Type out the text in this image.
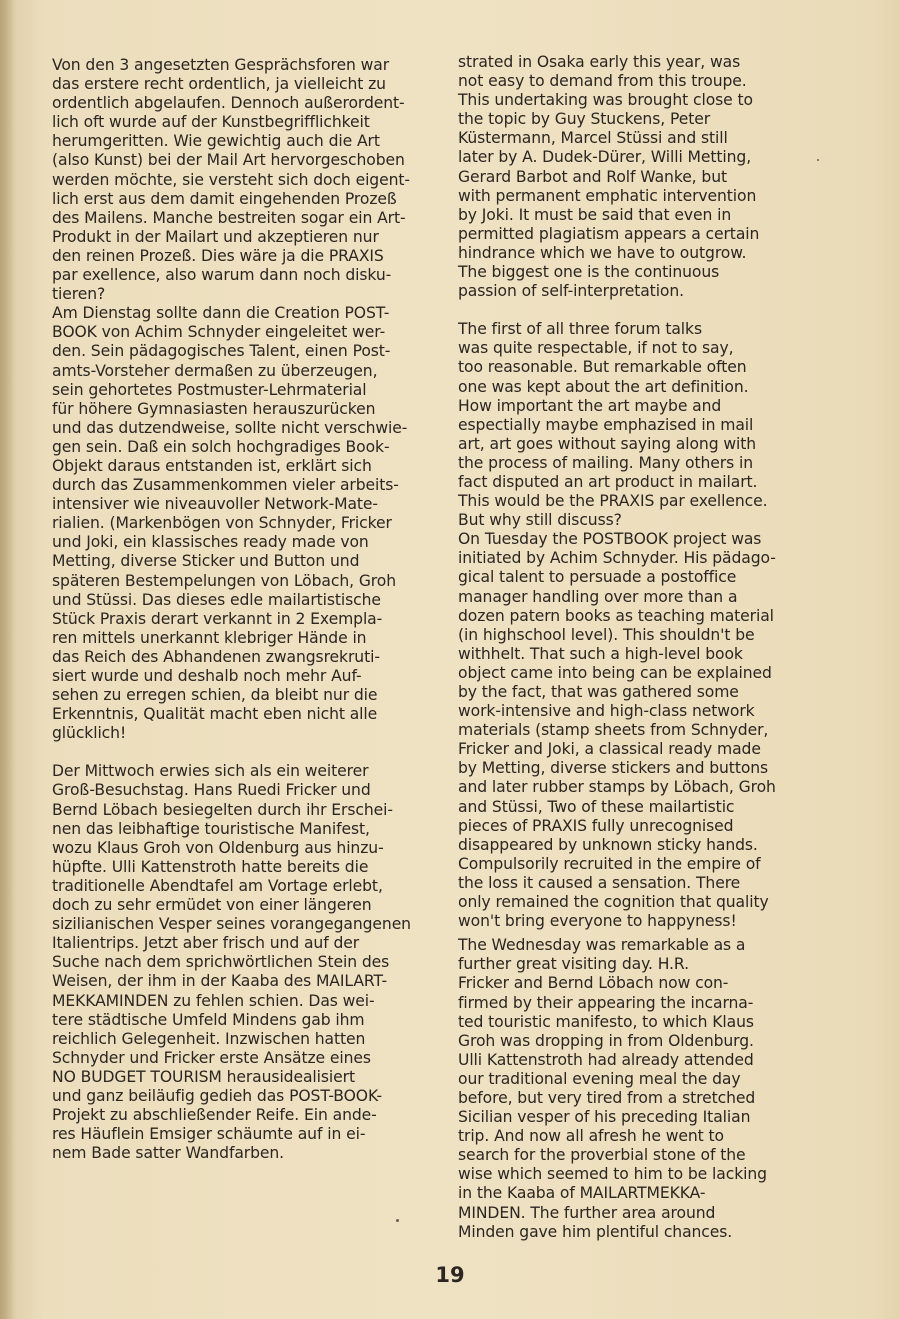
Von den 3 angesetzten Gesprächsforen war
das erstere recht ordentlich, ja vielleicht zu
ordentlich abgelaufen. Dennoch außerordent-
lich oft wurde auf der Kunstbegrifflichkeit
herumgeritten. Wie gewichtig auch die Art
(also Kunst) bei der Mail Art hervorgeschoben
werden möchte, sie versteht sich doch eigent-
lich erst aus dem damit eingehenden Prozeß
des Mailens. Manche bestreiten sogar ein Art-
Produkt in der Mailart und akzeptieren nur
den reinen Prozeß. Dies wäre ja die PRAXIS
par exellence, also warum dann noch disku-
tieren?

Am Dienstag sollte dann die Creation POST-
BOOK von Achim Schnyder eingeleitet wer-
den. Sein pädagogisches Talent, einen Post-
amts-Vorsteher dermaßen zu überzeugen,
sein gehortetes Postmuster-Lehrmaterial
für höhere Gymnasiasten herauszurücken
und das dutzendweise, sollte nicht verschwie-
gen sein. Daß ein solch hochgradiges Book-
Objekt daraus entstanden ist, erklärt sich
durch das Zusammenkommen vieler arbeits-
intensiver wie niveauvoller Network-Mate-
rialien. (Markenbögen von Schnyder, Fricker
und Joki, ein klassisches ready made von
Metting, diverse Sticker und Button und
späteren Bestempelungen von Löbach, Groh
und Stüssi. Das dieses edle mailartistische
Stück Praxis derart verkannt in 2 Exempla-
ren mittels unerkannt klebriger Hände in
das Reich des Abhandenen zwangsrekruti-
siert wurde und deshalb noch mehr Auf-
sehen zu erregen schien, da bleibt nur die
Erkenntnis, Qualität macht eben nicht alle
glücklich!

Der Mittwoch erwies sich als ein weiterer
Groß-Besuchstag. Hans Ruedi Fricker und
Bernd Löbach besiegelten durch ihr Erschei-
nen das leibhaftige touristische Manifest,
wozu Klaus Groh von Oldenburg aus hinzu-
hüpfte. Ulli Kattenstroth hatte bereits die
traditionelle Abendtafel am Vortage erlebt,
doch zu sehr ermüdet von einer längeren
sizilianischen Vesper seines vorangegangenen
Italientrips. Jetzt aber frisch und auf der
Suche nach dem sprichwörtlichen Stein des
Weisen, der ihm in der Kaaba des MAILART-
MEKKAMINDEN zu fehlen schien. Das wei-
tere städtische Umfeld Mindens gab ihm
reichlich Gelegenheit. Inzwischen hatten
Schnyder und Fricker erste Ansätze eines
NO BUDGET TOURISM herausidealisiert
und ganz beiläufig gedieh das POST-BOOK-
Projekt zu abschließender Reife. Ein ande-
res Häuflein Emsiger schäumte auf in ei-
nem Bade satter Wandfarben.

strated in Osaka early this year, was
not easy to demand from this troupe.
This undertaking was brought close to
the topic by Guy Stuckens, Peter
Küstermann, Marcel Stüssi and still
later by A. Dudek-Dürer, Willi Metting,
Gerard Barbot and Rolf Wanke, but
with permanent emphatic intervention
by Joki. It must be said that even in
permitted plagiatism appears a certain
hindrance which we have to outgrow.
The biggest one is the continuous
passion of self-interpretation.

The first of all three forum talks
was quite respectable, if not to say,
too reasonable. But remarkable often
one was kept about the art definition.
How important the art maybe and
espectially maybe emphazised in mail
art, art goes without saying along with
the process of mailing. Many others in
fact disputed an art product in mailart.
This would be the PRAXIS par exellence.
But why still discuss?

On Tuesday the POSTBOOK project was
initiated by Achim Schnyder. His pädago-
gical talent to persuade a postoffice
manager handling over more than a
dozen patern books as teaching material
(in highschool level). This shouldn't be
withhelt. That such a high-level book
object came into being can be explained
by the fact, that was gathered some
work-intensive and high-class network
materials (stamp sheets from Schnyder,
Fricker and Joki, a classical ready made
by Metting, diverse stickers and buttons
and later rubber stamps by Löbach, Groh
and Stüssi, Two of these mailartistic
pieces of PRAXIS fully unrecognised
disappeared by unknown sticky hands.
Compulsorily recruited in the empire of
the loss it caused a sensation. There
only remained the cognition that quality
won't bring everyone to happyness!

The Wednesday was remarkable as a
further great visiting day. H.R.
Fricker and Bernd Löbach now con-
firmed by their appearing the incarna-
ted touristic manifesto, to which Klaus
Groh was dropping in from Oldenburg.
Ulli Kattenstroth had already attended
our traditional evening meal the day
before, but very tired from a stretched
Sicilian vesper of his preceding Italian
trip. And now all afresh he went to
search for the proverbial stone of the
wise which seemed to him to be lacking
in the Kaaba of MAILARTMEKKA-
MINDEN. The further area around
Minden gave him plentiful chances.

19
